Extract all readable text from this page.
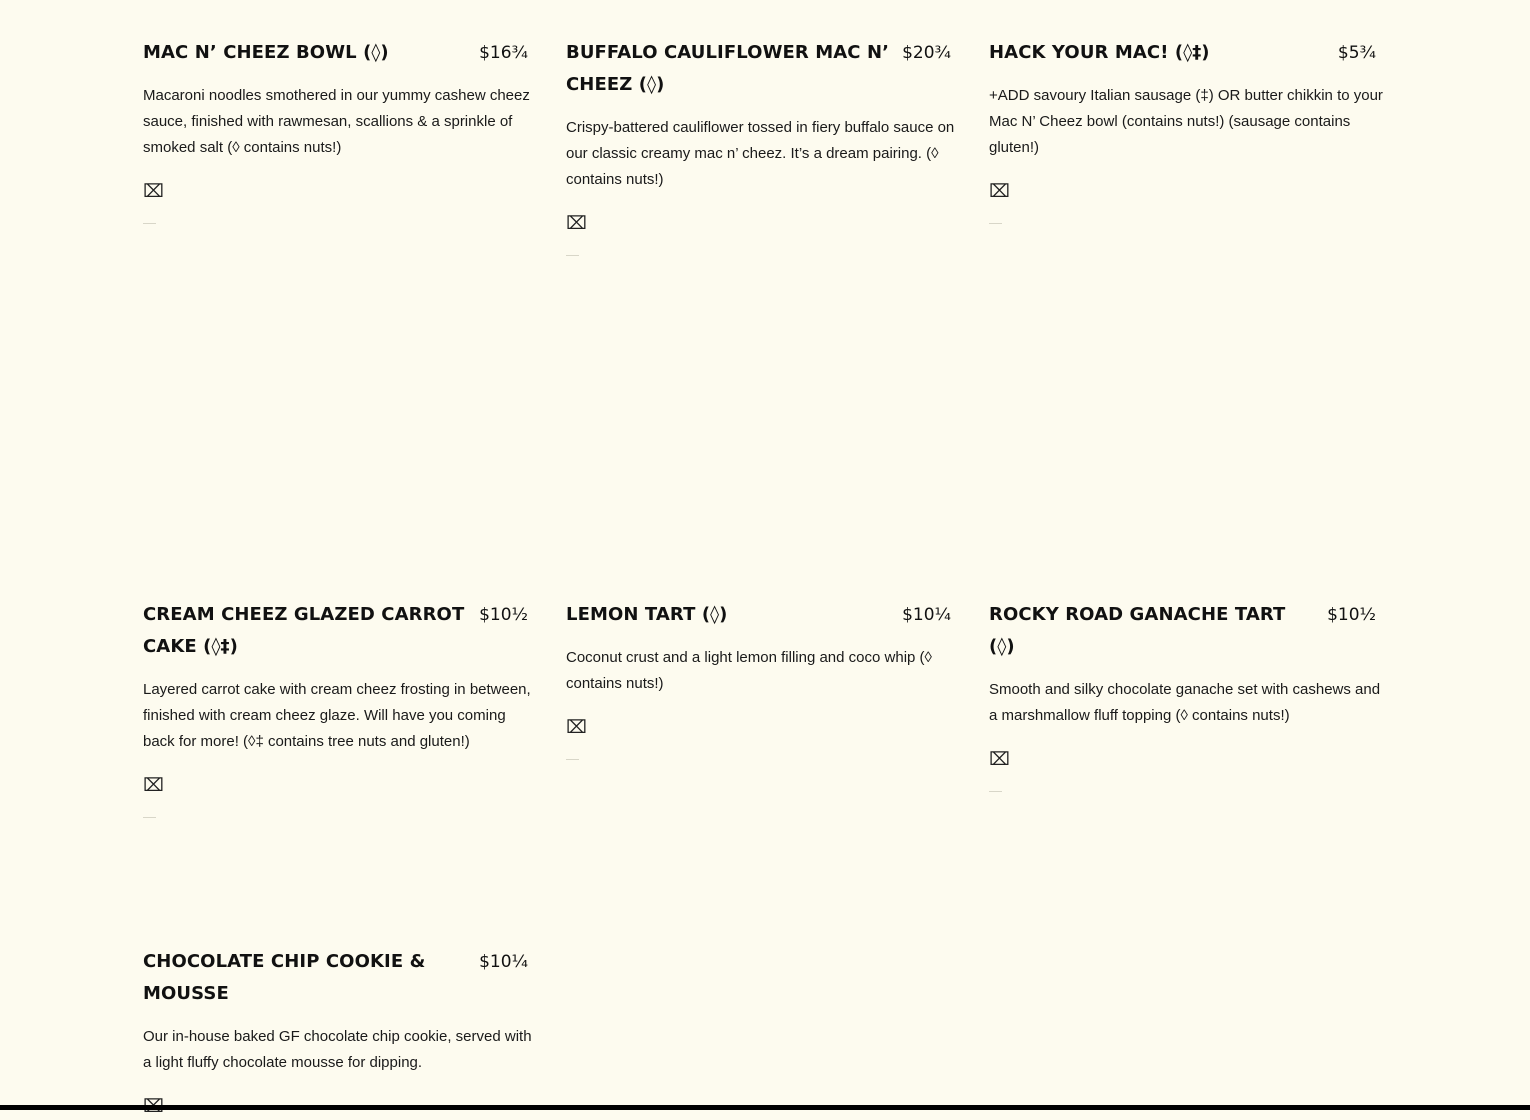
MAC N’ CHEEZ BOWL (◊)	$16¾

Macaroni noodles smothered in our yummy cashew cheez sauce, finished with rawmesan, scallions & a sprinkle of smoked salt (◊ contains nuts!)

⌧
BUFFALO CAULIFLOWER MAC N’ CHEEZ (◊)
$20¾

Crispy-battered cauliflower tossed in fiery buffalo sauce on our classic creamy mac n’ cheez. It’s a dream pairing. (◊ contains nuts!)

⌧
HACK YOUR MAC! (◊‡)	$5¾

+ADD savoury Italian sausage (‡) OR butter chikkin to your Mac N’ Cheez bowl (contains nuts!) (sausage contains gluten!)

⌧
CREAM CHEEZ GLAZED CARROT CAKE (◊‡)
$10½

Layered carrot cake with cream cheez frosting in between, finished with cream cheez glaze. Will have you coming back for more! (◊‡ contains tree nuts and gluten!)

⌧
LEMON TART (◊)	$10¼

Coconut crust and a light lemon filling and coco whip (◊ contains nuts!)

⌧
ROCKY ROAD GANACHE TART (◊)
$10½

Smooth and silky chocolate ganache set with cashews and a marshmallow fluff topping (◊ contains nuts!)

⌧
CHOCOLATE CHIP COOKIE & MOUSSE
$10¼

Our in-house baked GF chocolate chip cookie, served with a light fluffy chocolate mousse for dipping.
